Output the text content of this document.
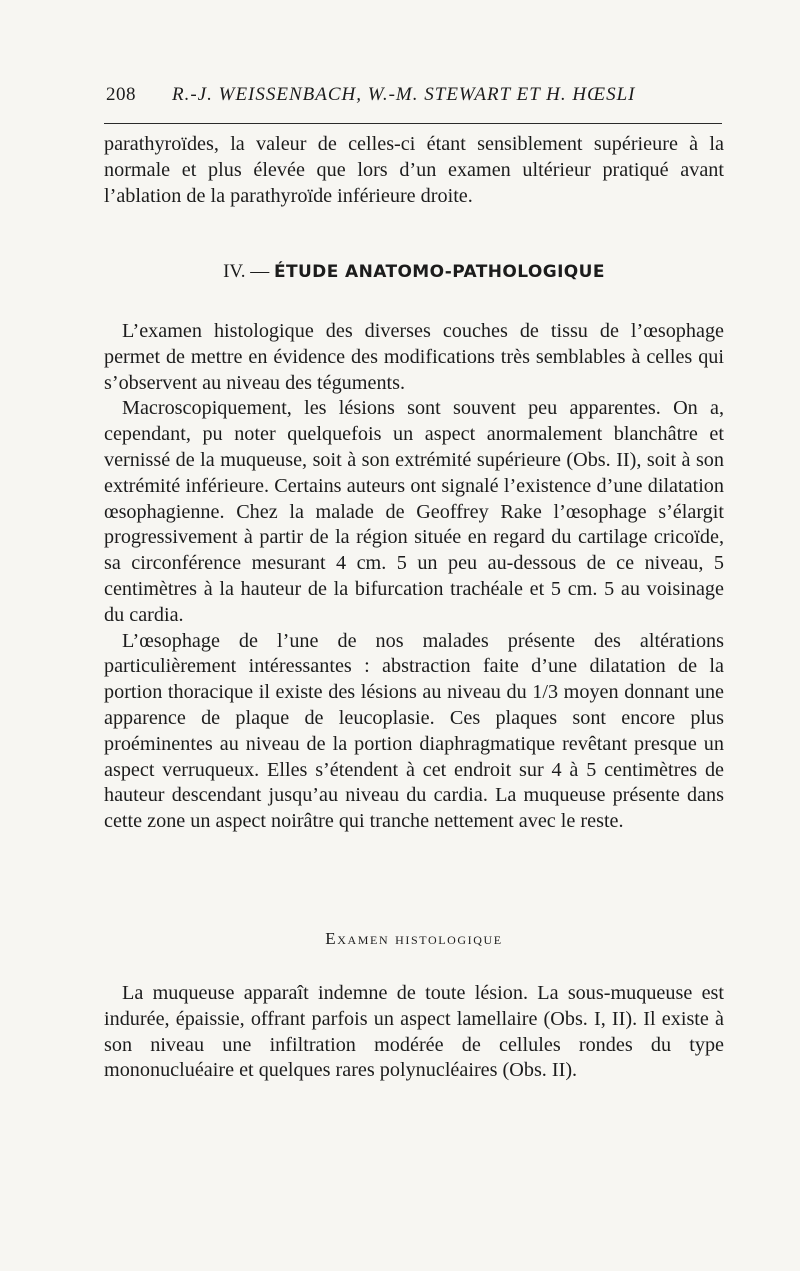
208 R.-J. WEISSENBACH, W.-M. STEWART ET H. HŒSLI

parathyroïdes, la valeur de celles-ci étant sensiblement supérieure à la normale et plus élevée que lors d’un examen ultérieur pratiqué avant l’ablation de la parathyroïde inférieure droite.

IV. — ÉTUDE ANATOMO-PATHOLOGIQUE

L’examen histologique des diverses couches de tissu de l’œsophage permet de mettre en évidence des modifications très semblables à celles qui s’observent au niveau des téguments.

Macroscopiquement, les lésions sont souvent peu apparentes. On a, cependant, pu noter quelquefois un aspect anormalement blanchâtre et vernissé de la muqueuse, soit à son extrémité supérieure (Obs. II), soit à son extrémité inférieure. Certains auteurs ont signalé l’existence d’une dilatation œsophagienne. Chez la malade de Geoffrey Rake l’œsophage s’élargit progressivement à partir de la région située en regard du cartilage cricoïde, sa circonférence mesurant 4 cm. 5 un peu au-dessous de ce niveau, 5 centimètres à la hauteur de la bifurcation trachéale et 5 cm. 5 au voisinage du cardia.

L’œsophage de l’une de nos malades présente des altérations particulièrement intéressantes : abstraction faite d’une dilatation de la portion thoracique il existe des lésions au niveau du 1/3 moyen donnant une apparence de plaque de leucoplasie. Ces plaques sont encore plus proéminentes au niveau de la portion diaphragmatique revêtant presque un aspect verruqueux. Elles s’étendent à cet endroit sur 4 à 5 centimètres de hauteur descendant jusqu’au niveau du cardia. La muqueuse présente dans cette zone un aspect noirâtre qui tranche nettement avec le reste.

Examen histologique

La muqueuse apparaît indemne de toute lésion. La sous-muqueuse est indurée, épaissie, offrant parfois un aspect lamellaire (Obs. I, II). Il existe à son niveau une infiltration modérée de cellules rondes du type mononucluéaire et quelques rares polynucléaires (Obs. II).
